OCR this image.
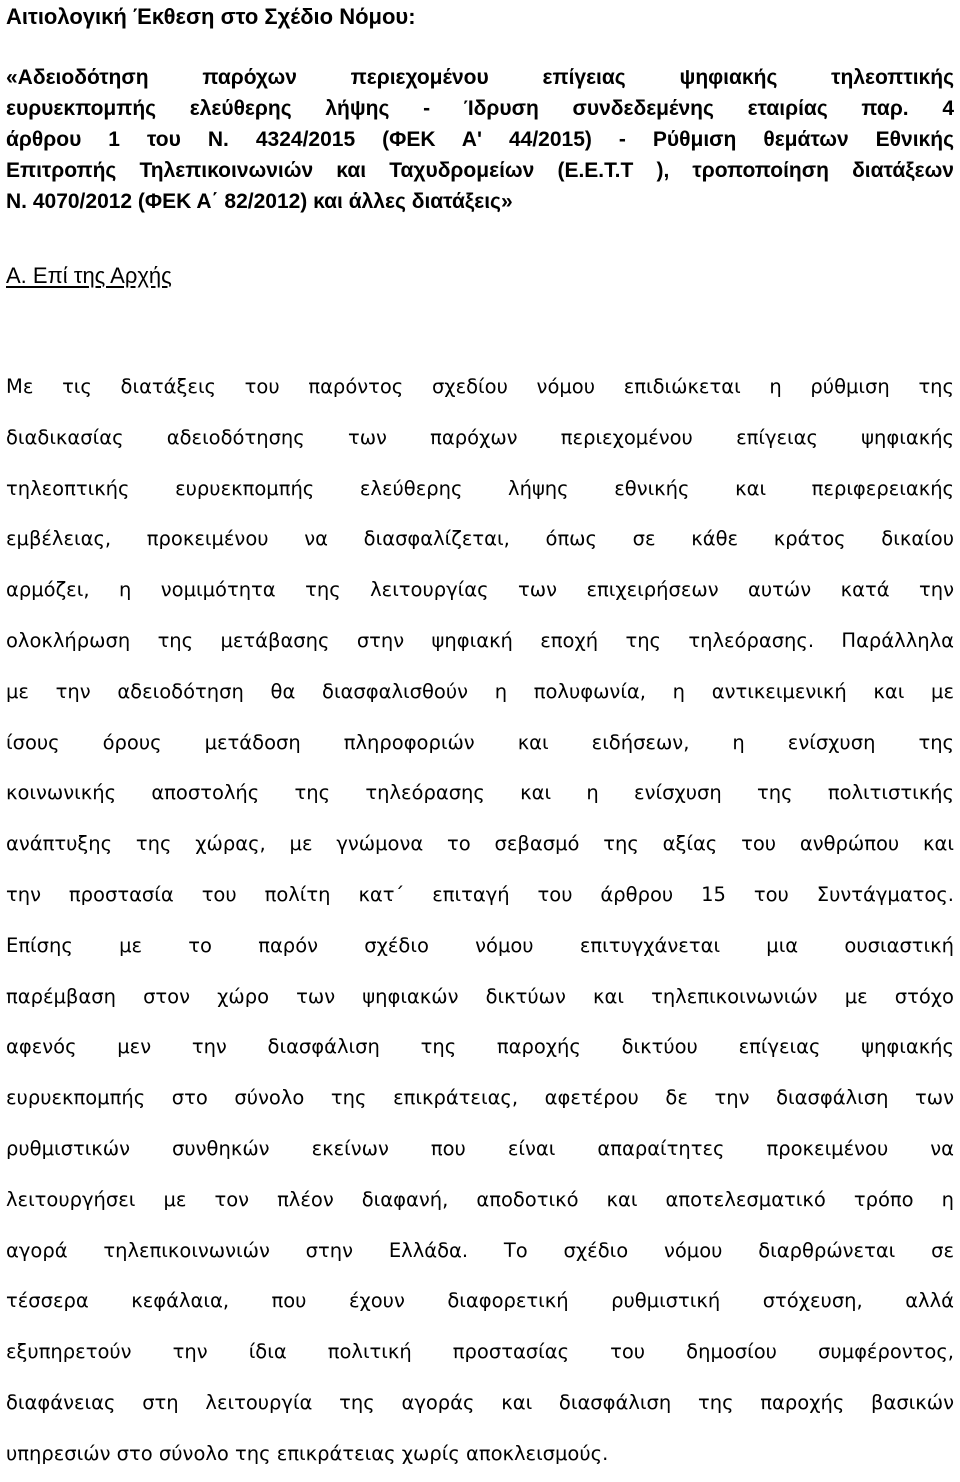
Αιτιολογική Έκθεση στο Σχέδιο Νόμου:
«Αδειοδότηση παρόχων περιεχομένου επίγειας ψηφιακής τηλεοπτικής
ευρυεκπομπής ελεύθερης λήψης - Ίδρυση συνδεδεμένης εταιρίας παρ. 4
άρθρου 1 του Ν. 4324/2015 (ΦΕΚ Α' 44/2015) - Ρύθμιση θεμάτων Εθνικής
Επιτροπής Τηλεπικοινωνιών και Ταχυδρομείων (Ε.Ε.Τ.Τ ), τροποποίηση διατάξεων
Ν. 4070/2012 (ΦΕΚ Α΄ 82/2012) και άλλες διατάξεις»
Α. Επί της Αρχής
Με τις διατάξεις του παρόντος σχεδίου νόμου επιδιώκεται η ρύθμιση της
διαδικασίας αδειοδότησης των παρόχων περιεχομένου επίγειας ψηφιακής
τηλεοπτικής ευρυεκπομπής ελεύθερης λήψης εθνικής και περιφερειακής
εμβέλειας, προκειμένου να διασφαλίζεται, όπως σε κάθε κράτος δικαίου
αρμόζει, η νομιμότητα της λειτουργίας των επιχειρήσεων αυτών κατά την
ολοκλήρωση της μετάβασης στην ψηφιακή εποχή της τηλεόρασης. Παράλληλα
με την αδειοδότηση θα διασφαλισθούν η πολυφωνία, η αντικειμενική και με
ίσους όρους μετάδοση πληροφοριών και ειδήσεων, η ενίσχυση της
κοινωνικής αποστολής της τηλεόρασης και η ενίσχυση της πολιτιστικής
ανάπτυξης της χώρας, με γνώμονα το σεβασμό της αξίας του ανθρώπου και
την προστασία του πολίτη κατ΄ επιταγή του άρθρου 15 του Συντάγματος.
Επίσης με το παρόν σχέδιο νόμου επιτυγχάνεται μια ουσιαστική
παρέμβαση στον χώρο των ψηφιακών δικτύων και τηλεπικοινωνιών με στόχο
αφενός μεν την διασφάλιση της παροχής δικτύου επίγειας ψηφιακής
ευρυεκπομπής στο σύνολο της επικράτειας, αφετέρου δε την διασφάλιση των
ρυθμιστικών συνθηκών εκείνων που είναι απαραίτητες προκειμένου να
λειτουργήσει με τον πλέον διαφανή, αποδοτικό και αποτελεσματικό τρόπο η
αγορά τηλεπικοινωνιών στην Ελλάδα. Το σχέδιο νόμου διαρθρώνεται σε
τέσσερα κεφάλαια, που έχουν διαφορετική ρυθμιστική στόχευση, αλλά
εξυπηρετούν την ίδια πολιτική προστασίας του δημοσίου συμφέροντος,
διαφάνειας στη λειτουργία της αγοράς και διασφάλιση της παροχής βασικών
υπηρεσιών στο σύνολο της επικράτειας χωρίς αποκλεισμούς.
